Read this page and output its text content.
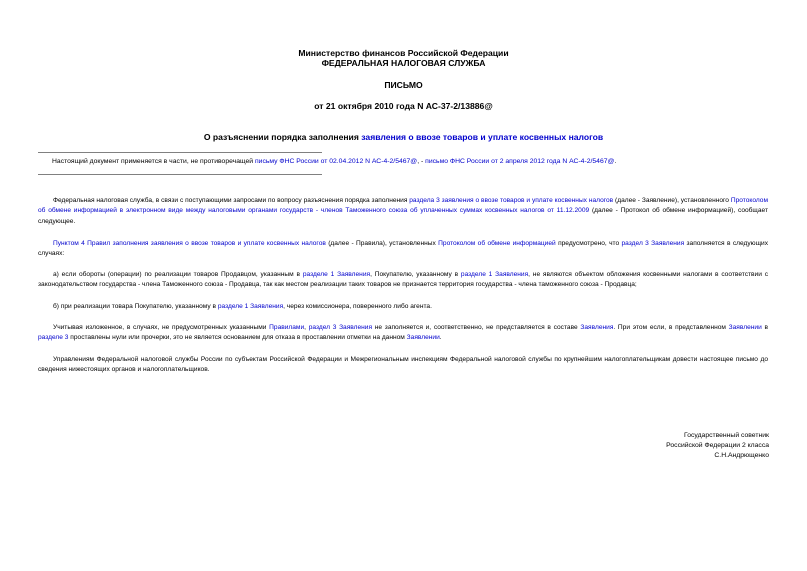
Министерство финансов Российской Федерации
ФЕДЕРАЛЬНАЯ НАЛОГОВАЯ СЛУЖБА
ПИСЬМО
от 21 октября 2010 года N АС-37-2/13886@
О разъяснении порядка заполнения заявления о ввозе товаров и уплате косвенных налогов
Настоящий документ применяется в части, не противоречащей письму ФНС России от 02.04.2012 N АС-4-2/5467@, - письмо ФНС России от 2 апреля 2012 года N АС-4-2/5467@.
Федеральная налоговая служба, в связи с поступающими запросами по вопросу разъяснения порядка заполнения раздела 3 заявления о ввозе товаров и уплате косвенных налогов (далее - Заявление), установленного Протоколом об обмене информацией в электронном виде между налоговыми органами государств - членов Таможенного союза об уплаченных суммах косвенных налогов от 11.12.2009 (далее - Протокол об обмене информацией), сообщает следующее.
Пунктом 4 Правил заполнения заявления о ввозе товаров и уплате косвенных налогов (далее - Правила), установленных Протоколом об обмене информацией предусмотрено, что раздел 3 Заявления заполняется в следующих случаях:
а) если обороты (операции) по реализации товаров Продавцом, указанным в разделе 1 Заявления, Покупателю, указанному в разделе 1 Заявления, не являются объектом обложения косвенными налогами в соответствии с законодательством государства - члена Таможенного союза - Продавца, так как местом реализации таких товаров не признается территория государства - члена таможенного союза - Продавца;
б) при реализации товара Покупателю, указанному в разделе 1 Заявления, через комиссионера, поверенного либо агента.
Учитывая изложенное, в случаях, не предусмотренных указанными Правилами, раздел 3 Заявления не заполняется и, соответственно, не представляется в составе Заявления. При этом если, в представленном Заявлении в разделе 3 проставлены нули или прочерки, это не является основанием для отказа в проставлении отметки на данном Заявлении.
Управлениям Федеральной налоговой службы России по субъектам Российской Федерации и Межрегиональным инспекциям Федеральной налоговой службы по крупнейшим налогоплательщикам довести настоящее письмо до сведения нижестоящих органов и налогоплательщиков.
Государственный советник
Российской Федерации 2 класса
С.Н.Андрющенко
